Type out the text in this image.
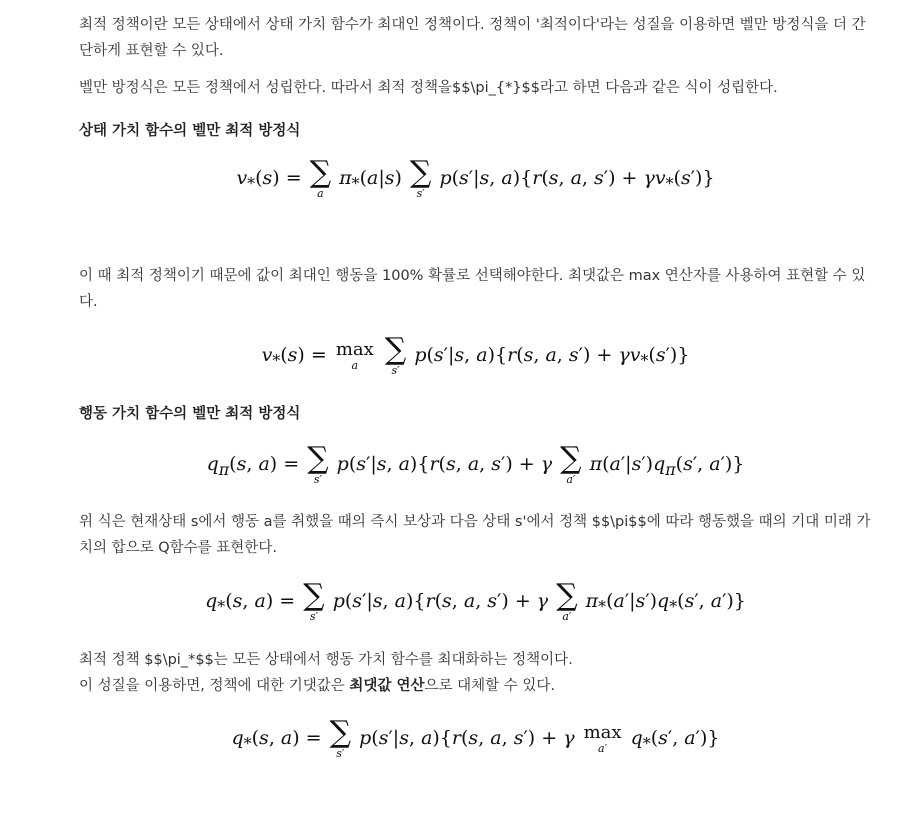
최적 정책이란 모든 상태에서 상태 가치 함수가 최대인 정책이다. 정책이 '최적이다'라는 성질을 이용하면 벨만 방정식을 더 간단하게 표현할 수 있다.
벨만 방정식은 모든 정책에서 성립한다. 따라서 최적 정책을$$\pi_{*}$$라고 하면 다음과 같은 식이 성립한다.
상태 가치 함수의 벨만 최적 방정식
$v_*(s)$ = ∑
a
$\pi_*(a|s)$ ∑
s′
p(s′|s, a){r(s, a, $s') + \gamma v_*(s')$}
이 때 최적 정책이기 때문에 값이 최대인 행동을 100% 확률로 선택해야한다. 최댓값은 max 연산자를 사용하여 표현할 수 있다.
$v_*(s) = \max$
a
∑
s′
p(s′|s, a){r(s, a, $s') + \gamma v_*(s')$}
행동 가치 함수의 벨만 최적 방정식
$q_\pi(s$, a) = ∑
s′
p(s′|s, a){r(s, a, s′) + γ ∑
a′
$\pi(a'|s')q_\pi(s'$, a′)}
위 식은 현재상태 s에서 행동 a를 취했을 때의 즉시 보상과 다음 상태 s'에서 정책 $$\pi$$에 따라 행동했을 때의 기대 미래 가치의 합으로 Q함수를 표현한다.
$q_*(s$, a) = ∑
s′
p(s′|s, a){r(s, a, s′) + γ ∑
a′
$\pi_*(a'|s')q_*(s'$, a′)}
최적 정책 $$\pi_*$$는 모든 상태에서 행동 가치 함수를 최대화하는 정책이다.
이 성질을 이용하면, 정책에 대한 기댓값은 최댓값 연산으로 대체할 수 있다.
$q_*(s$, a) = ∑
s′
p(s′|s, a){r(s, a, s′) + γ max
a′	$q_*(s'$, a′)}
